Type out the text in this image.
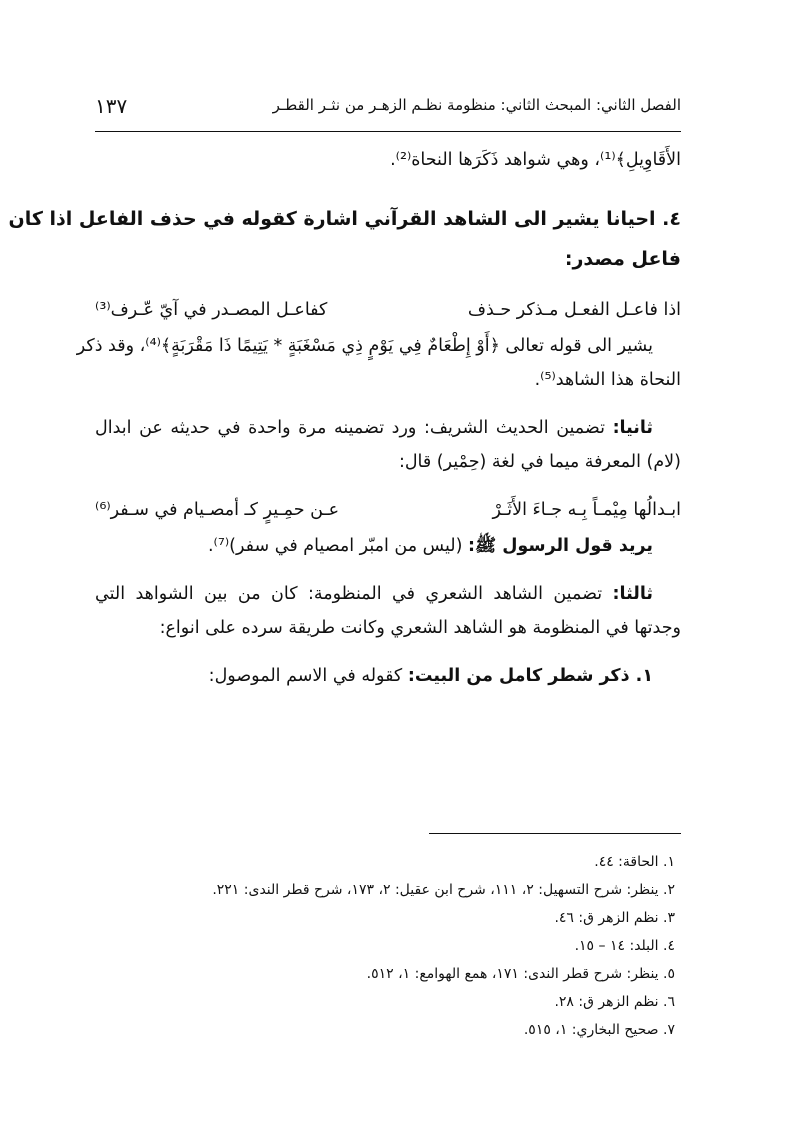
الفصل الثاني: المبحث الثاني: منظومة نظـم الزهـر من نثـر القطـر
١٣٧
الأَقَاوِيلِ﴾⁽¹⁾، وهي شواهد ذَكَرَها النحاة⁽²⁾.
٤. احيانا يشير الى الشاهد القرآني اشارة كقوله في حذف الفاعل اذا كان
فاعل مصدر:
اذا فاعـل الفعـل مـذكر حـذف
كفاعـل المصـدر في آيّ عّـرف⁽³⁾
يشير الى قوله تعالى ﴿أَوْ إِطْعَامٌ فِي يَوْمٍ ذِي مَسْغَبَةٍ * يَتِيمًا ذَا مَقْرَبَةٍ﴾⁽⁴⁾، وقد ذكر
النحاة هذا الشاهد⁽⁵⁾.
ثانيا: تضمين الحديث الشريف: ورد تضمينه مرة واحدة في حديثه عن ابدال
(لام) المعرفة ميما في لغة (حِمْير) قال:
ابـدالُها مِيْمـاً بِـه جـاءَ الأَثَـرْ
عـن حمِـيرٍ كـ أمصـيام في سـفر⁽⁶⁾
يريد قول الرسول ﷺ: (ليس من امبّر امصيام في سفر)⁽⁷⁾.
ثالثا: تضمين الشاهد الشعري في المنظومة: كان من بين الشواهد التي
وجدتها في المنظومة هو الشاهد الشعري وكانت طريقة سرده على انواع:
١. ذكر شطر كامل من البيت: كقوله في الاسم الموصول:
١. الحاقة: ٤٤.
٢. ينظر: شرح التسهيل: ٢، ١١١، شرح ابن عقيل: ٢، ١٧٣، شرح قطر الندى: ٢٢١.
٣. نظم الزهر ق: ٤٦.
٤. البلد: ١٤ – ١٥.
٥. ينظر: شرح قطر الندى: ١٧١، همع الهوامع: ١، ٥١٢.
٦. نظم الزهر ق: ٢٨.
٧. صحيح البخاري: ١، ٥١٥.
